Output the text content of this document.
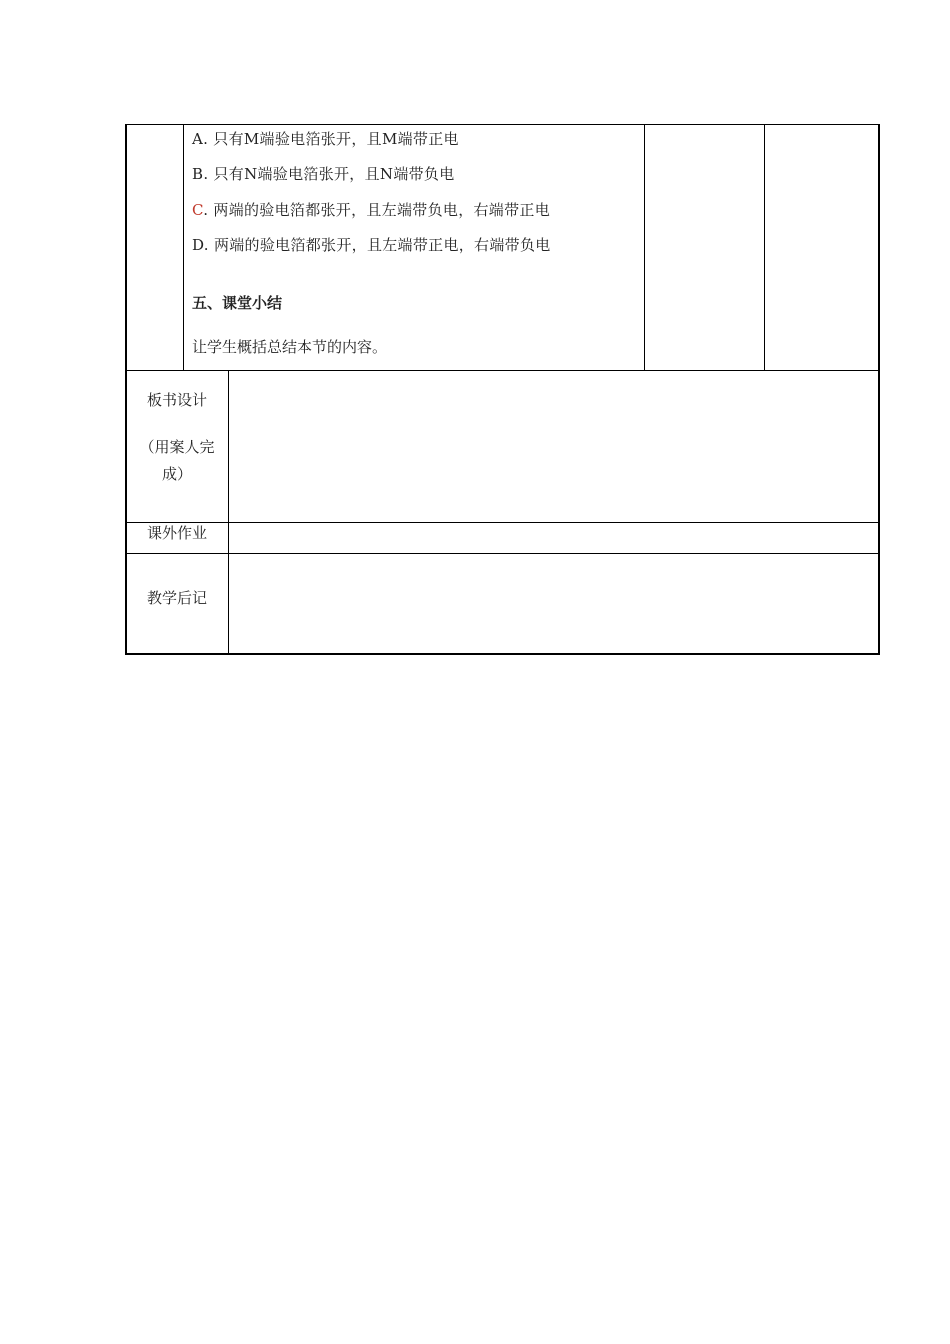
A. 只有M端验电箔张开，且M端带正电
B. 只有N端验电箔张开，且N端带负电
C. 两端的验电箔都张开，且左端带负电，右端带正电
D. 两端的验电箔都张开，且左端带正电，右端带负电
五、课堂小结
让学生概括总结本节的内容。
板书设计
（用案人完
成）
课外作业
教学后记
